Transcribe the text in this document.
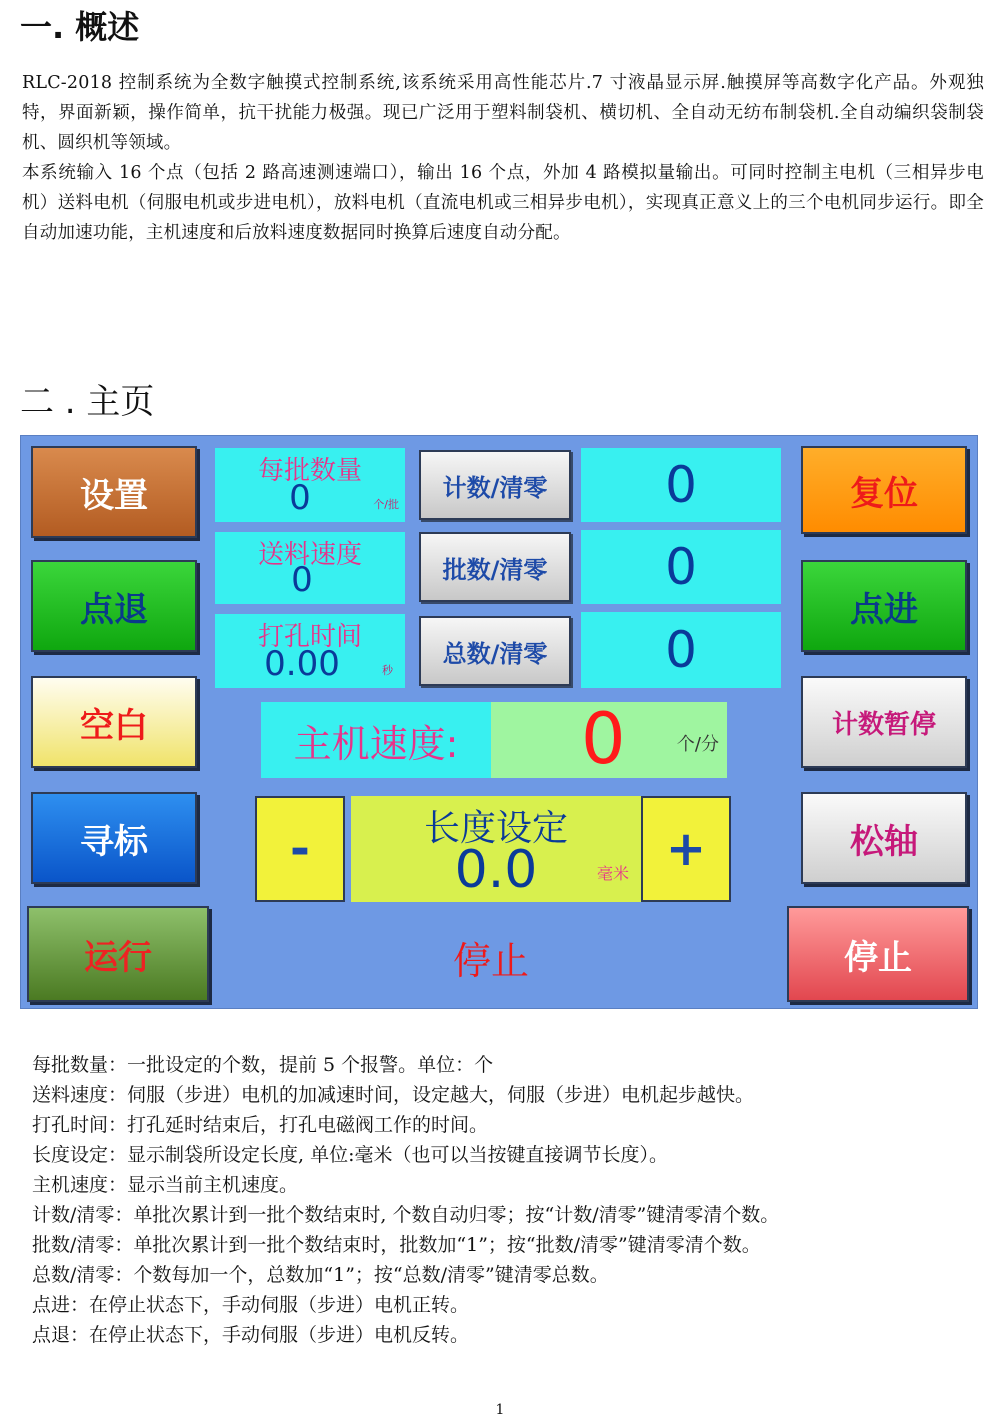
一. 概述

RLC-2018 控制系统为全数字触摸式控制系统,该系统采用高性能芯片.7 寸液晶显示屏.触摸屏等高数字化产品。外观独特，界面新颖，操作简单，抗干扰能力极强。现已广泛用于塑料制袋机、横切机、全自动无纺布制袋机.全自动编织袋制袋机、圆织机等领域。

本系统输入 16 个点（包括 2 路高速测速端口），输出 16 个点，外加 4 路模拟量输出。可同时控制主电机（三相异步电机）送料电机（伺服电机或步进电机），放料电机（直流电机或三相异步电机），实现真正意义上的三个电机同步运行。即全自动加速功能，主机速度和后放料速度数据同时换算后速度自动分配。

二 . 主页
设置
点退
空白
寻标
运行
每批数量
0	个/批
送料速度
0
打孔时间
0.00	秒
计数/清零
批数/清零
总数/清零
0
0
0
主机速度:	0	个/分
-	长度设定
0.0	毫米 +
停止
复位
点进
计数暂停
松轴
停止
每批数量：一批设定的个数，提前 5 个报警。单位：个
送料速度：伺服（步进）电机的加减速时间，设定越大，伺服（步进）电机起步越快。
打孔时间：打孔延时结束后，打孔电磁阀工作的时间。
长度设定：显示制袋所设定长度, 单位:毫米（也可以当按键直接调节长度）。
主机速度：显示当前主机速度。
计数/清零：单批次累计到一批个数结束时, 个数自动归零；按“计数/清零”键清零清个数。
批数/清零：单批次累计到一批个数结束时，批数加“1”；按“批数/清零”键清零清个数。
总数/清零：个数每加一个，总数加“1”；按“总数/清零”键清零总数。
点进：在停止状态下，手动伺服（步进）电机正转。
点退：在停止状态下，手动伺服（步进）电机反转。
1
